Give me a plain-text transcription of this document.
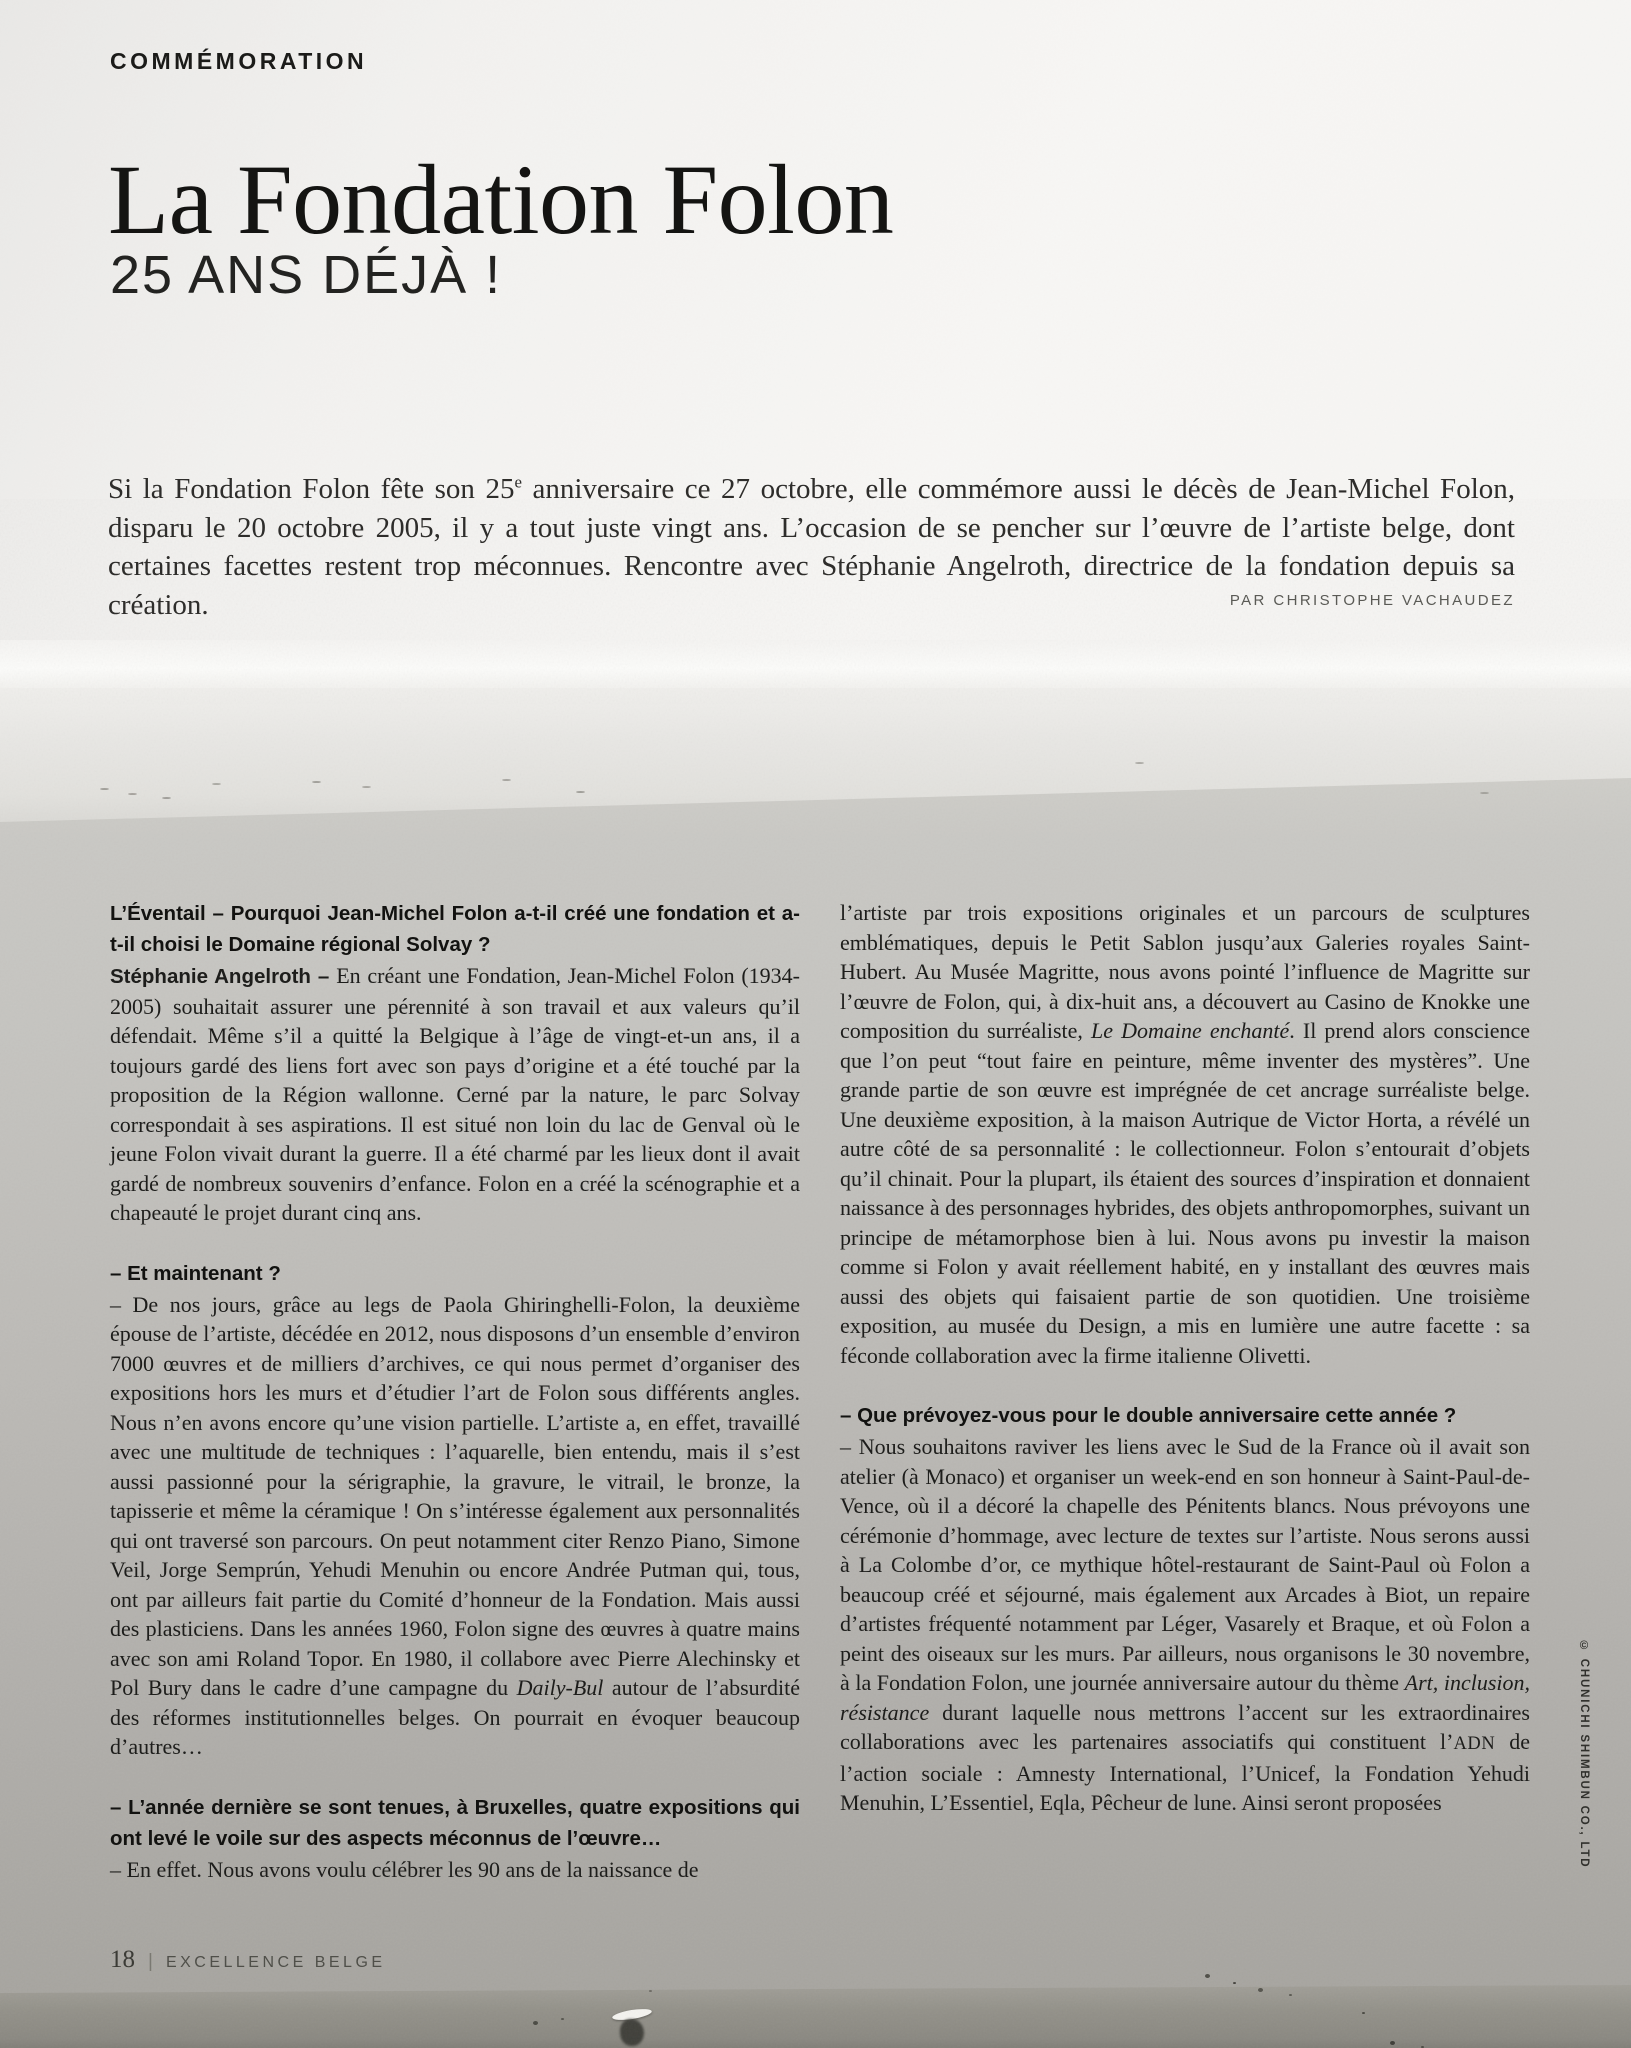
COMMÉMORATION
La Fondation Folon
25 ANS DÉJÀ !

Si la Fondation Folon fête son 25e anniversaire ce 27 octobre, elle commémore aussi le décès de Jean-Michel Folon, disparu le 20 octobre 2005, il y a tout juste vingt ans. L’occasion de se pencher sur l’œuvre de l’artiste belge, dont certaines facettes restent trop méconnues. Rencontre avec Stéphanie Angelroth, directrice de la fondation depuis sa création.	PAR CHRISTOPHE VACHAUDEZ

L’Éventail – Pourquoi Jean-Michel Folon a-t-il créé une fondation et a-t-il choisi le Domaine régional Solvay ?

Stéphanie Angelroth – En créant une Fondation, Jean-Michel Folon (1934-2005) souhaitait assurer une pérennité à son travail et aux valeurs qu’il défendait. Même s’il a quitté la Belgique à l’âge de vingt-et-un ans, il a toujours gardé des liens fort avec son pays d’origine et a été touché par la proposition de la Région wallonne. Cerné par la nature, le parc Solvay correspondait à ses aspirations. Il est situé non loin du lac de Genval où le jeune Folon vivait durant la guerre. Il a été charmé par les lieux dont il avait gardé de nombreux souvenirs d’enfance. Folon en a créé la scénographie et a chapeauté le projet durant cinq ans.

– Et maintenant ?

– De nos jours, grâce au legs de Paola Ghiringhelli-Folon, la deuxième épouse de l’artiste, décédée en 2012, nous disposons d’un ensemble d’environ 7000 œuvres et de milliers d’archives, ce qui nous permet d’organiser des expositions hors les murs et d’étudier l’art de Folon sous différents angles. Nous n’en avons encore qu’une vision partielle. L’artiste a, en effet, travaillé avec une multitude de techniques : l’aquarelle, bien entendu, mais il s’est aussi passionné pour la sérigraphie, la gravure, le vitrail, le bronze, la tapisserie et même la céramique ! On s’intéresse également aux personnalités qui ont traversé son parcours. On peut notamment citer Renzo Piano, Simone Veil, Jorge Semprún, Yehudi Menuhin ou encore Andrée Putman qui, tous, ont par ailleurs fait partie du Comité d’honneur de la Fondation. Mais aussi des plasticiens. Dans les années 1960, Folon signe des œuvres à quatre mains avec son ami Roland Topor. En 1980, il collabore avec Pierre Alechinsky et Pol Bury dans le cadre d’une campagne du Daily-Bul autour de l’absurdité des réformes institutionnelles belges. On pourrait en évoquer beaucoup d’autres…

– L’année dernière se sont tenues, à Bruxelles, quatre expositions qui ont levé le voile sur des aspects méconnus de l’œuvre…

– En effet. Nous avons voulu célébrer les 90 ans de la naissance de

l’artiste par trois expositions originales et un parcours de sculptures emblématiques, depuis le Petit Sablon jusqu’aux Galeries royales Saint-Hubert. Au Musée Magritte, nous avons pointé l’influence de Magritte sur l’œuvre de Folon, qui, à dix-huit ans, a découvert au Casino de Knokke une composition du surréaliste, Le Domaine enchanté. Il prend alors conscience que l’on peut “tout faire en peinture, même inventer des mystères”. Une grande partie de son œuvre est imprégnée de cet ancrage surréaliste belge. Une deuxième exposition, à la maison Autrique de Victor Horta, a révélé un autre côté de sa personnalité : le collectionneur. Folon s’entourait d’objets qu’il chinait. Pour la plupart, ils étaient des sources d’inspiration et donnaient naissance à des personnages hybrides, des objets anthropomorphes, suivant un principe de métamorphose bien à lui. Nous avons pu investir la maison comme si Folon y avait réellement habité, en y installant des œuvres mais aussi des objets qui faisaient partie de son quotidien. Une troisième exposition, au musée du Design, a mis en lumière une autre facette : sa féconde collaboration avec la firme italienne Olivetti.

– Que prévoyez-vous pour le double anniversaire cette année ?

– Nous souhaitons raviver les liens avec le Sud de la France où il avait son atelier (à Monaco) et organiser un week-end en son honneur à Saint-Paul-de-Vence, où il a décoré la chapelle des Pénitents blancs. Nous prévoyons une cérémonie d’hommage, avec lecture de textes sur l’artiste. Nous serons aussi à La Colombe d’or, ce mythique hôtel-restaurant de Saint-Paul où Folon a beaucoup créé et séjourné, mais également aux Arcades à Biot, un repaire d’artistes fréquenté notamment par Léger, Vasarely et Braque, et où Folon a peint des oiseaux sur les murs. Par ailleurs, nous organisons le 30 novembre, à la Fondation Folon, une journée anniversaire autour du thème Art, inclusion, résistance durant laquelle nous mettrons l’accent sur les extraordinaires collaborations avec les partenaires associatifs qui constituent l’ADN de l’action sociale : Amnesty International, l’Unicef, la Fondation Yehudi Menuhin, L’Essentiel, Eqla, Pêcheur de lune. Ainsi seront proposées	© CHUNICHI SHIMBUN CO., LTD
18 | EXCELLENCE BELGE
